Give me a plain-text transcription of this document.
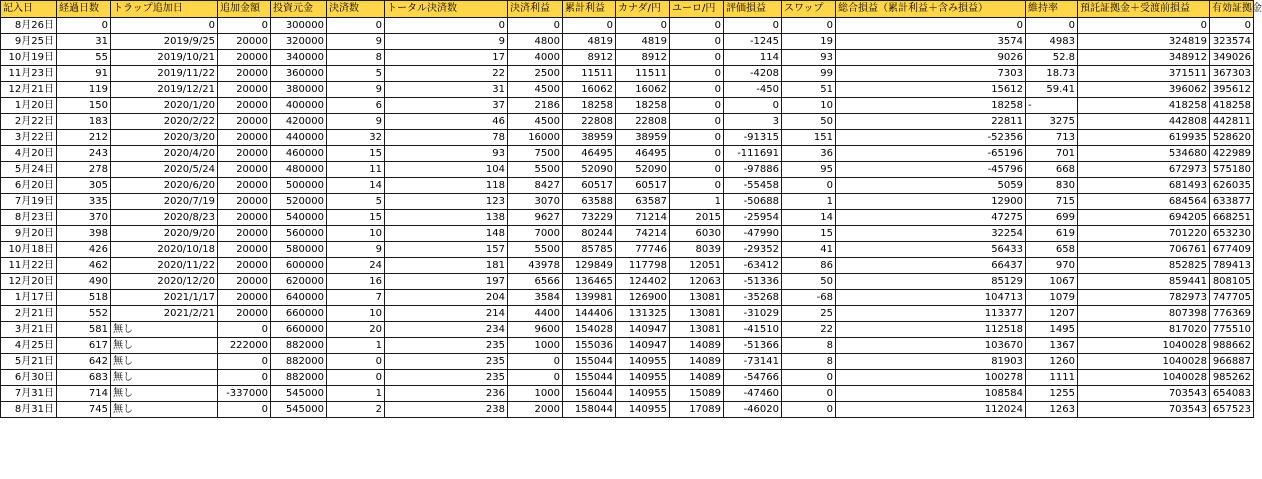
記入日	経過日数	トラップ追加日	追加金額	投資元金	決済数	トータル決済数	決済利益	累計利益	カナダ/円	ユーロ/円	評価損益	スワップ	総合損益（累計利益＋含み損益）	維持率	預託証拠金＋受渡前損益	有効証拠金
8月26日	0	0	0	300000	0	0	0	0	0	0	0	0	0	0	0	0
9月25日	31	2019/9/25	20000	320000	9	9	4800	4819	4819	0	-1245	19	3574	4983	324819	323574
10月19日	55	2019/10/21	20000	340000	8	17	4000	8912	8912	0	114	93	9026	52.8	348912	349026
11月23日	91	2019/11/22	20000	360000	5	22	2500	11511	11511	0	-4208	99	7303	18.73	371511	367303
12月21日	119	2019/12/21	20000	380000	9	31	4500	16062	16062	0	-450	51	15612	59.41	396062	395612
1月20日	150	2020/1/20	20000	400000	6	37	2186	18258	18258	0	0	10	18258	-	418258	418258
2月22日	183	2020/2/22	20000	420000	9	46	4500	22808	22808	0	3	50	22811	3275	442808	442811
3月22日	212	2020/3/20	20000	440000	32	78	16000	38959	38959	0	-91315	151	-52356	713	619935	528620
4月20日	243	2020/4/20	20000	460000	15	93	7500	46495	46495	0	-111691	36	-65196	701	534680	422989
5月24日	278	2020/5/24	20000	480000	11	104	5500	52090	52090	0	-97886	95	-45796	668	672973	575180
6月20日	305	2020/6/20	20000	500000	14	118	8427	60517	60517	0	-55458	0	5059	830	681493	626035
7月19日	335	2020/7/19	20000	520000	5	123	3070	63588	63587	1	-50688	1	12900	715	684564	633877
8月23日	370	2020/8/23	20000	540000	15	138	9627	73229	71214	2015	-25954	14	47275	699	694205	668251
9月20日	398	2020/9/20	20000	560000	10	148	7000	80244	74214	6030	-47990	15	32254	619	701220	653230
10月18日	426	2020/10/18	20000	580000	9	157	5500	85785	77746	8039	-29352	41	56433	658	706761	677409
11月22日	462	2020/11/22	20000	600000	24	181	43978	129849	117798	12051	-63412	86	66437	970	852825	789413
12月20日	490	2020/12/20	20000	620000	16	197	6566	136465	124402	12063	-51336	50	85129	1067	859441	808105
1月17日	518	2021/1/17	20000	640000	7	204	3584	139981	126900	13081	-35268	-68	104713	1079	782973	747705
2月21日	552	2021/2/21	20000	660000	10	214	4400	144406	131325	13081	-31029	25	113377	1207	807398	776369
3月21日	581	無し	0	660000	20	234	9600	154028	140947	13081	-41510	22	112518	1495	817020	775510
4月25日	617	無し	222000	882000	1	235	1000	155036	140947	14089	-51366	8	103670	1367	1040028	988662
5月21日	642	無し	0	882000	0	235	0	155044	140955	14089	-73141	8	81903	1260	1040028	966887
6月30日	683	無し	0	882000	0	235	0	155044	140955	14089	-54766	0	100278	1111	1040028	985262
7月31日	714	無し	-337000	545000	1	236	1000	156044	140955	15089	-47460	0	108584	1255	703543	654083
8月31日	745	無し	0	545000	2	238	2000	158044	140955	17089	-46020	0	112024	1263	703543	657523
